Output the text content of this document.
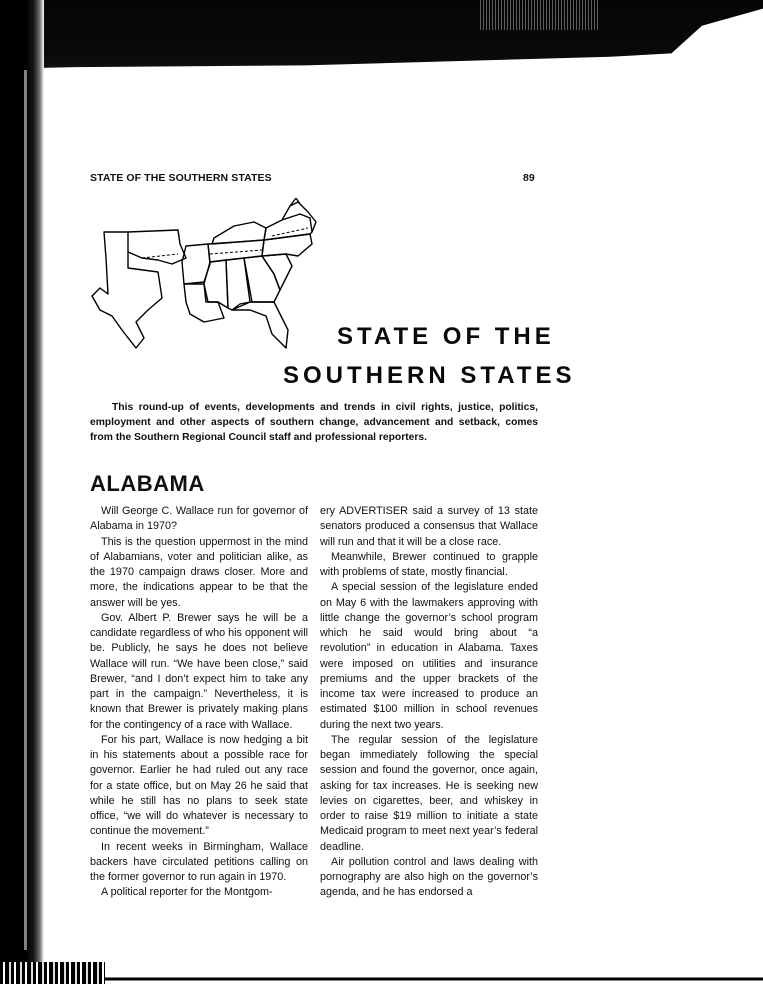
STATE OF THE SOUTHERN STATES	89
STATE OF THE
SOUTHERN STATES

This round-up of events, developments and trends in civil rights, justice, politics, employment and other aspects of southern change, advancement and setback, comes from the Southern Regional Council staff and professional reporters.

ALABAMA

Will George C. Wallace run for governor of Alabama in 1970?

This is the question uppermost in the mind of Alabamians, voter and politician alike, as the 1970 campaign draws closer. More and more, the indications appear to be that the answer will be yes.

Gov. Albert P. Brewer says he will be a candidate regardless of who his opponent will be. Publicly, he says he does not believe Wallace will run. “We have been close,” said Brewer, “and I don’t expect him to take any part in the campaign.” Nevertheless, it is known that Brewer is privately making plans for the contingency of a race with Wallace.

For his part, Wallace is now hedging a bit in his statements about a possible race for governor. Earlier he had ruled out any race for a state office, but on May 26 he said that while he still has no plans to seek state office, “we will do whatever is necessary to continue the movement.”

In recent weeks in Birmingham, Wallace backers have circulated petitions calling on the former governor to run again in 1970.

A political reporter for the Montgom-

ery ADVERTISER said a survey of 13 state senators produced a consensus that Wallace will run and that it will be a close race.

Meanwhile, Brewer continued to grapple with problems of state, mostly financial.

A special session of the legislature ended on May 6 with the lawmakers approving with little change the governor’s school program which he said would bring about “a revolution” in education in Alabama. Taxes were imposed on utilities and insurance premiums and the upper brackets of the income tax were increased to produce an estimated $100 million in school revenues during the next two years.

The regular session of the legislature began immediately following the special session and found the governor, once again, asking for tax increases. He is seeking new levies on cigarettes, beer, and whiskey in order to raise $19 million to initiate a state Medicaid program to meet next year’s federal deadline.

Air pollution control and laws dealing with pornography are also high on the governor’s agenda, and he has endorsed a
